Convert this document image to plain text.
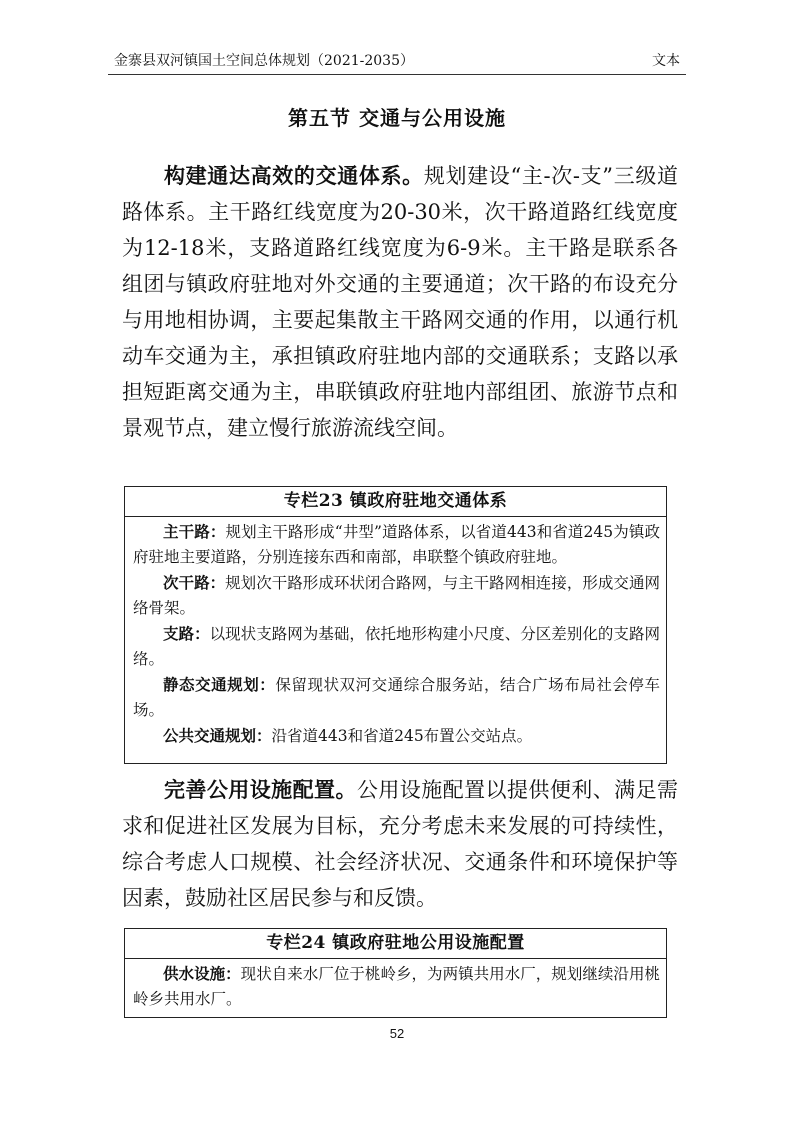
金寨县双河镇国土空间总体规划（2021-2035）	文本
第五节 交通与公用设施

构建通达高效的交通体系。规划建设“主-次-支”三级道路体系。主干路红线宽度为20-30米，次干路道路红线宽度为12-18米，支路道路红线宽度为6-9米。主干路是联系各组团与镇政府驻地对外交通的主要通道；次干路的布设充分与用地相协调，主要起集散主干路网交通的作用，以通行机动车交通为主，承担镇政府驻地内部的交通联系；支路以承担短距离交通为主，串联镇政府驻地内部组团、旅游节点和景观节点，建立慢行旅游流线空间。

专栏23 镇政府驻地交通体系

主干路：规划主干路形成“井型”道路体系，以省道443和省道245为镇政府驻地主要道路，分别连接东西和南部，串联整个镇政府驻地。

次干路：规划次干路形成环状闭合路网，与主干路网相连接，形成交通网络骨架。

支路：以现状支路网为基础，依托地形构建小尺度、分区差别化的支路网络。

静态交通规划：保留现状双河交通综合服务站，结合广场布局社会停车场。

公共交通规划：沿省道443和省道245布置公交站点。

完善公用设施配置。公用设施配置以提供便利、满足需求和促进社区发展为目标，充分考虑未来发展的可持续性，综合考虑人口规模、社会经济状况、交通条件和环境保护等因素，鼓励社区居民参与和反馈。

专栏24 镇政府驻地公用设施配置

供水设施：现状自来水厂位于桃岭乡，为两镇共用水厂，规划继续沿用桃岭乡共用水厂。

52
